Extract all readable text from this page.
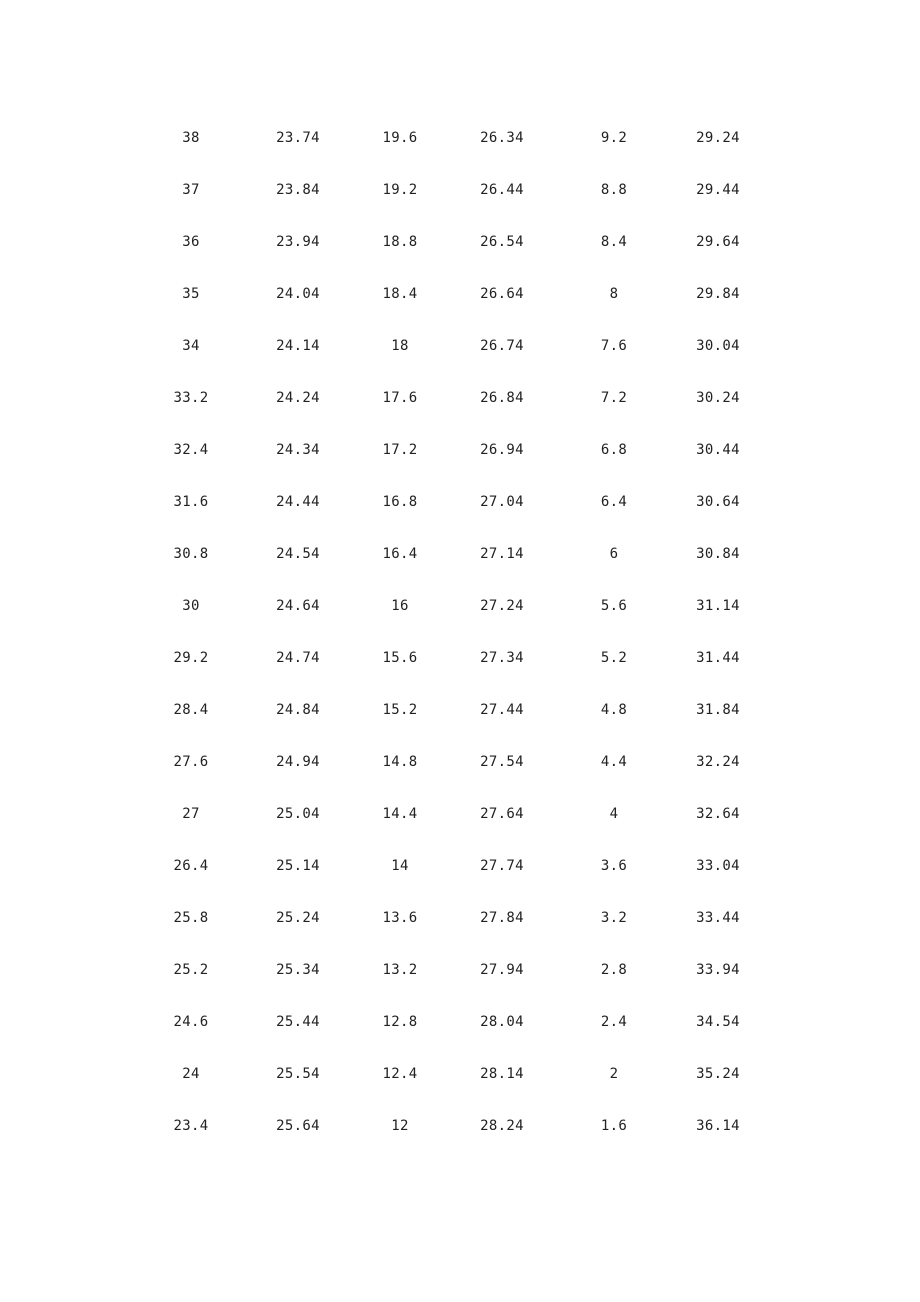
38	23.74	19.6	26.34	9.2	29.24
37	23.84	19.2	26.44	8.8	29.44
36	23.94	18.8	26.54	8.4	29.64
35	24.04	18.4	26.64	8	29.84
34	24.14	18	26.74	7.6	30.04
33.2	24.24	17.6	26.84	7.2	30.24
32.4	24.34	17.2	26.94	6.8	30.44
31.6	24.44	16.8	27.04	6.4	30.64
30.8	24.54	16.4	27.14	6	30.84
30	24.64	16	27.24	5.6	31.14
29.2	24.74	15.6	27.34	5.2	31.44
28.4	24.84	15.2	27.44	4.8	31.84
27.6	24.94	14.8	27.54	4.4	32.24
27	25.04	14.4	27.64	4	32.64
26.4	25.14	14	27.74	3.6	33.04
25.8	25.24	13.6	27.84	3.2	33.44
25.2	25.34	13.2	27.94	2.8	33.94
24.6	25.44	12.8	28.04	2.4	34.54
24	25.54	12.4	28.14	2	35.24
23.4	25.64	12	28.24	1.6	36.14
